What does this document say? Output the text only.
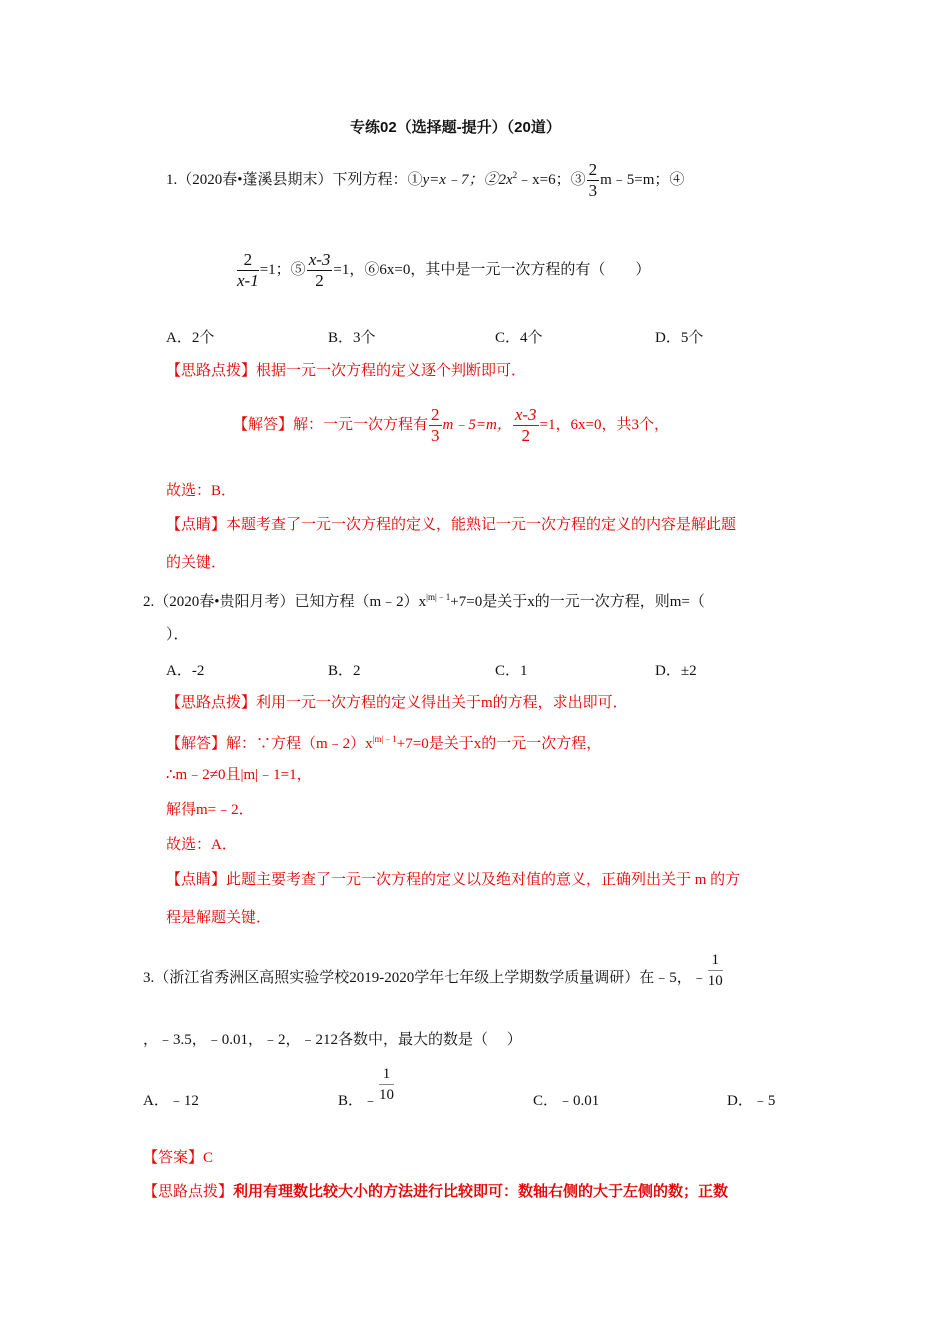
专练02（选择题-提升）（20道）
1.（2020春•蓬溪县期末）下列方程：①y=x﹣7；$②2x^2﹣x=6$；③ $\frac{2}{3}$ m﹣5=m；④
$\frac{2}{x-1} =1$；⑤ $\frac{x-3}{2} =1$，⑥6x=0，其中是一元一次方程的有（　　）
A．2个	B．3个	C．4个	D．5个
【思路点拨】根据一元一次方程的定义逐个判断即可．
【解答】解：一元一次方程有 $\frac{2}{3}$ m﹣5=m， $\frac{x-3}{2} =1$，6x=0，共3个，
故选：B．
【点睛】本题考查了一元一次方程的定义，能熟记一元一次方程的定义的内容是解此题
的关键．
2.（2020春•贵阳月考）已知方程$(m﹣2)x^{|m|﹣1}+7=0$是关于x的一元一次方程，则m=（
）．
A．-2	B．2	C．1	D．±2
【思路点拨】利用一元一次方程的定义得出关于m的方程，求出即可．
【解答】解：∵方程$(m﹣2)x^{|m|﹣1}+7=0$是关于x的一元一次方程，
∴m﹣2≠0且|m|﹣1=1，
解得m=﹣2．
故选：A．
【点睛】此题主要考查了一元一次方程的定义以及绝对值的意义，正确列出关于 m 的方
程是解题关键．
3.（浙江省秀洲区高照实验学校2019-2020学年七年级上学期数学质量调研）在﹣5，﹣ $\frac{1}{10}$
，﹣3.5，﹣0.01，﹣2，﹣212各数中，最大的数是（　 ）
A．﹣12	B．﹣ $\frac{1}{10}$	C．﹣0.01	D．﹣5
【答案】C
【思路点拨】利用有理数比较大小的方法进行比较即可：数轴右侧的大于左侧的数；正数
